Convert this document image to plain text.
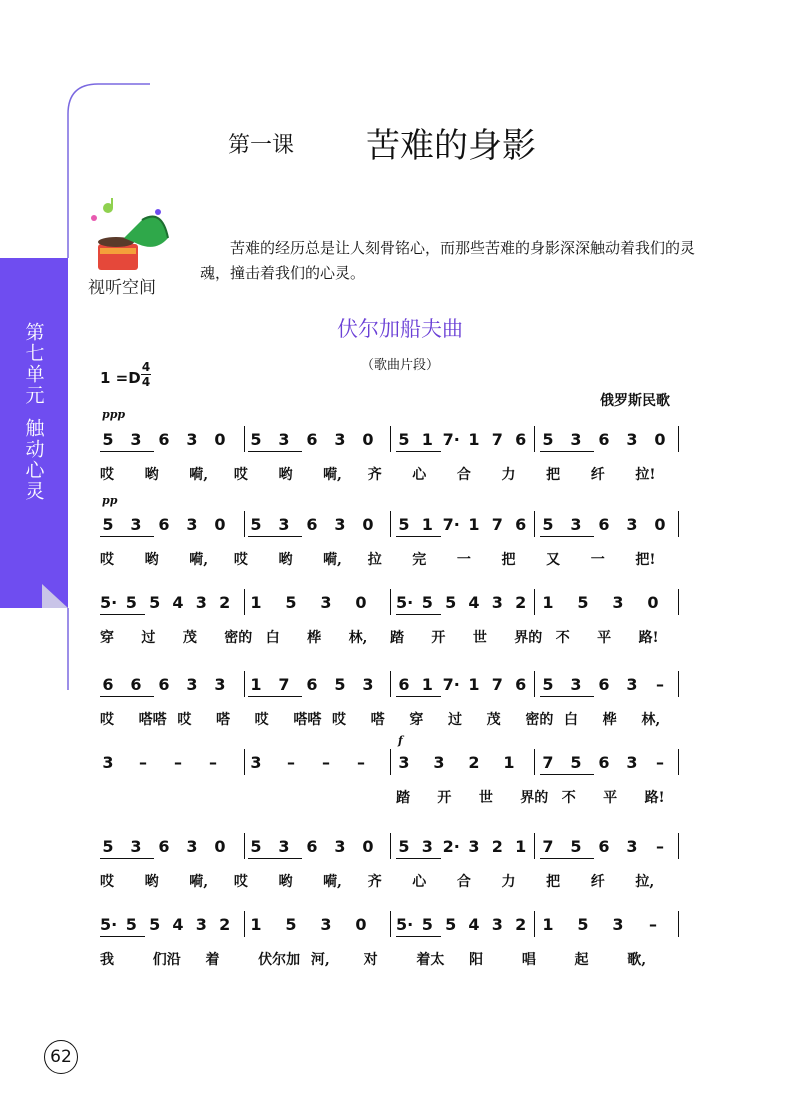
第七单元
触动心灵
第一课 苦难的身影
视听空间

苦难的经历总是让人刻骨铭心，而那些苦难的身影深深触动着我们的灵魂，撞击着我们的心灵。

伏尔加船夫曲
（歌曲片段）
1 =D
4
4
俄罗斯民歌
ppp
pp
f
5 3 6 3 0 5 3 6 3 0 5 1 7· 1 7 6 5 3 6 3 0
哎 哟 嗬, 哎 哟 嗬, 齐 心 合 力 把 纤 拉!
5 3 6 3 0 5 3 6 3 0 5 1 7· 1 7 6 5 3 6 3 0
哎 哟 嗬, 哎 哟 嗬, 拉 完 一 把 又 一 把!
5· 5 5 4 3 2 1 5 3 0 5· 5 5 4 3 2 1 5 3 0
穿 过 茂 密的 白 桦 林, 踏 开 世 界的 不 平 路!
6 6 6 3 3 1 7 6 5 3 6 1 7· 1 7 6 5 3 6 3 –
哎 嗒嗒 哎 嗒 哎 嗒嗒 哎 嗒 穿 过 茂 密的 白 桦 林,
3 – – – 3 – – – 3 3 2 1 7 5 6 3 –
踏 开 世 界的 不 平 路!
5 3 6 3 0 5 3 6 3 0 5 3 2· 3 2 1 7 5 6 3 –
哎 哟 嗬, 哎 哟 嗬, 齐 心 合 力 把 纤 拉,
5· 5 5 4 3 2 1 5 3 0 5· 5 5 4 3 2 1 5 3 –
我	们沿 着	伏尔加 河, 对	着太 阳	唱	起	歌,
62
